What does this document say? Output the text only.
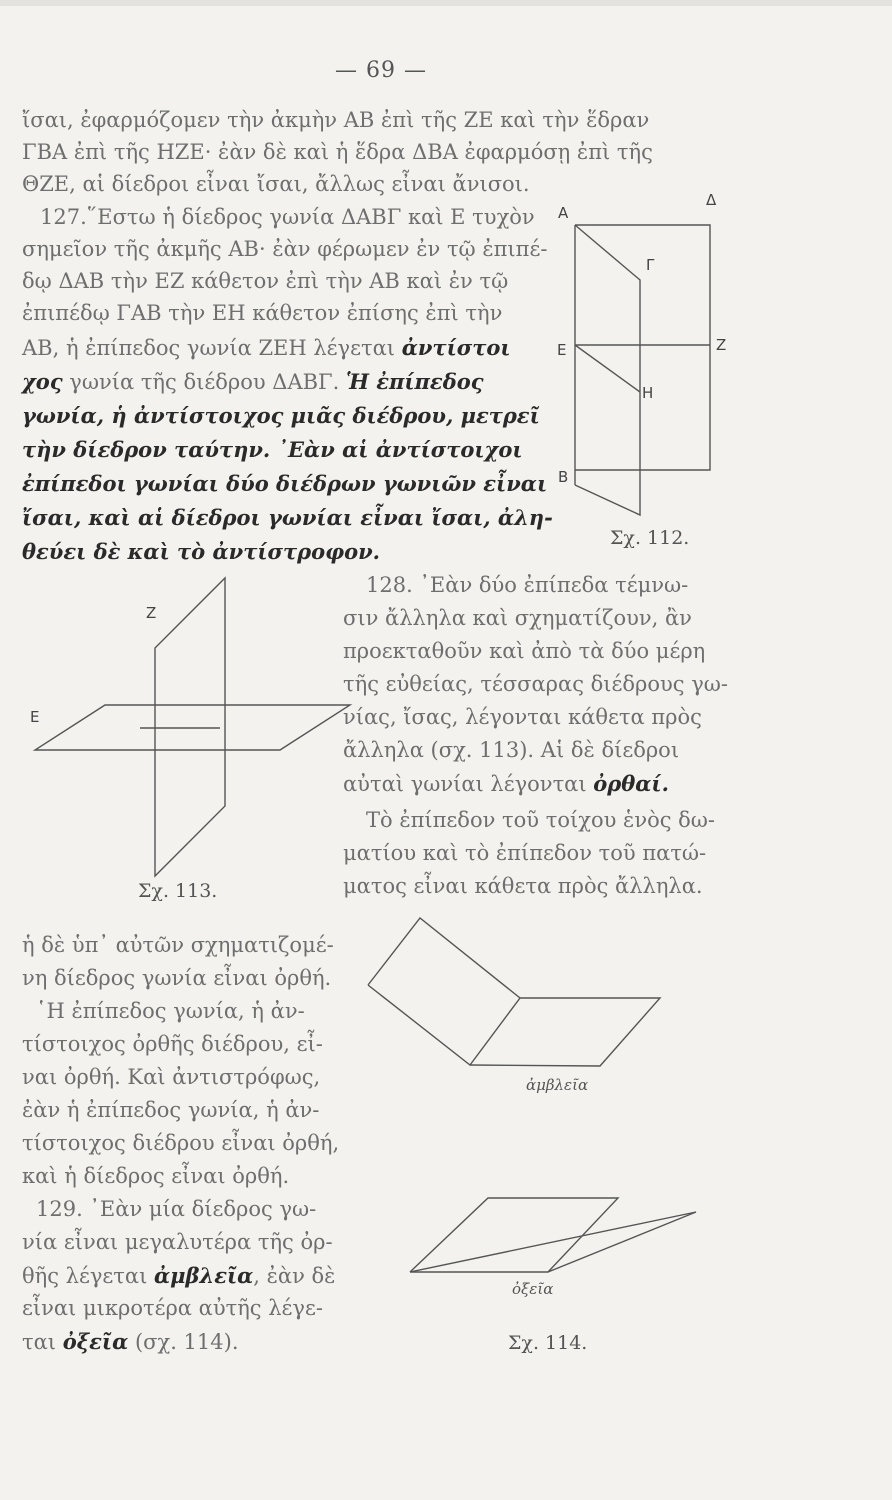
— 69 —
ἴσαι, ἐφαρμόζομεν τὴν ἀκμὴν ΑΒ ἐπὶ τῆς ΖΕ καὶ τὴν ἕδραν
ΓΒΑ ἐπὶ τῆς ΗΖΕ· ἐὰν δὲ καὶ ἡ ἕδρα ΔΒΑ ἐφαρμόσῃ ἐπὶ τῆς
ΘΖΕ, αἱ δίεδροι εἶναι ἴσαι, ἄλλως εἶναι ἄνισοι.
127.῞Εστω ἡ δίεδρος γωνία ΔΑΒΓ καὶ Ε τυχὸν
σημεῖον τῆς ἀκμῆς ΑΒ· ἐὰν φέρωμεν ἐν τῷ ἐπιπέ-
δῳ ΔΑΒ τὴν ΕΖ κάθετον ἐπὶ τὴν ΑΒ καὶ ἐν τῷ
ἐπιπέδῳ ΓΑΒ τὴν ΕΗ κάθετον ἐπίσης ἐπὶ τὴν
ΑΒ, ἡ ἐπίπεδος γωνία ΖΕΗ λέγεται ἀντίστοι
χος γωνία τῆς διέδρου ΔΑΒΓ. Ἡ ἐπίπεδος
γωνία, ἡ ἀντίστοιχος μιᾶς διέδρου, μετρεῖ
τὴν δίεδρον ταύτην. ᾽Εὰν αἱ ἀντίστοιχοι
ἐπίπεδοι γωνίαι δύο διέδρων γωνιῶν εἶναι
ἴσαι, καὶ αἱ δίεδροι γωνίαι εἶναι ἴσαι, ἀλη-
θεύει δὲ καὶ τὸ ἀντίστροφον.
128. ᾽Εὰν δύο ἐπίπεδα τέμνω-
σιν ἄλληλα καὶ σχηματίζουν, ἂν
προεκταθοῦν καὶ ἀπὸ τὰ δύο μέρη
τῆς εὐθείας, τέσσαρας διέδρους γω-
νίας, ἴσας, λέγονται κάθετα πρὸς
ἄλληλα (σχ. 113). Αἱ δὲ δίεδροι
αὐταὶ γωνίαι λέγονται ὀρθαί.
Τὸ ἐπίπεδον τοῦ τοίχου ἑνὸς δω-
ματίου καὶ τὸ ἐπίπεδον τοῦ πατώ-
ματος εἶναι κάθετα πρὸς ἄλληλα.
ἡ δὲ ὑπ᾽ αὐτῶν σχηματιζομέ-
νη δίεδρος γωνία εἶναι ὀρθή.
῾Η ἐπίπεδος γωνία, ἡ ἀν-
τίστοιχος ὀρθῆς διέδρου, εἶ-
ναι ὀρθή. Καὶ ἀντιστρόφως,
ἐὰν ἡ ἐπίπεδος γωνία, ἡ ἀν-
τίστοιχος διέδρου εἶναι ὀρθή,
καὶ ἡ δίεδρος εἶναι ὀρθή.
129. ᾽Εὰν μία δίεδρος γω-
νία εἶναι μεγαλυτέρα τῆς ὀρ-
θῆς λέγεται ἀμβλεῖα, ἐὰν δὲ
εἶναι μικροτέρα αὐτῆς λέγε-
ται ὀξεῖα (σχ. 114).
Σχ. 112.
Σχ. 113.
Σχ. 114.
ἀμβλεῖα
ὀξεῖα
A
Δ
Γ
E	Z
H
B
Z
E
